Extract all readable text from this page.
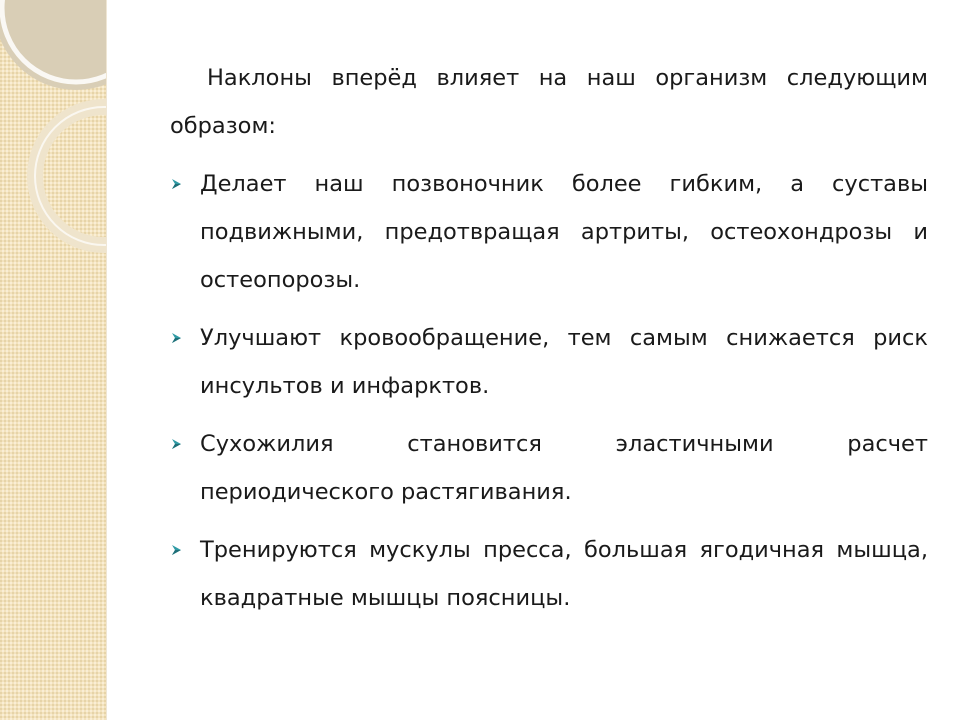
Наклоны вперёд влияет на наш организм следующим образом:

Делает наш позвоночник более гибким, а суставы подвижными, предотвращая артриты, остеохондрозы и остеопорозы.
Улучшают кровообращение, тем самым снижается риск инсультов и инфарктов.
Сухожилия становится эластичными расчет периодического растягивания.
Тренируются мускулы пресса, большая ягодичная мышца, квадратные мышцы поясницы.
